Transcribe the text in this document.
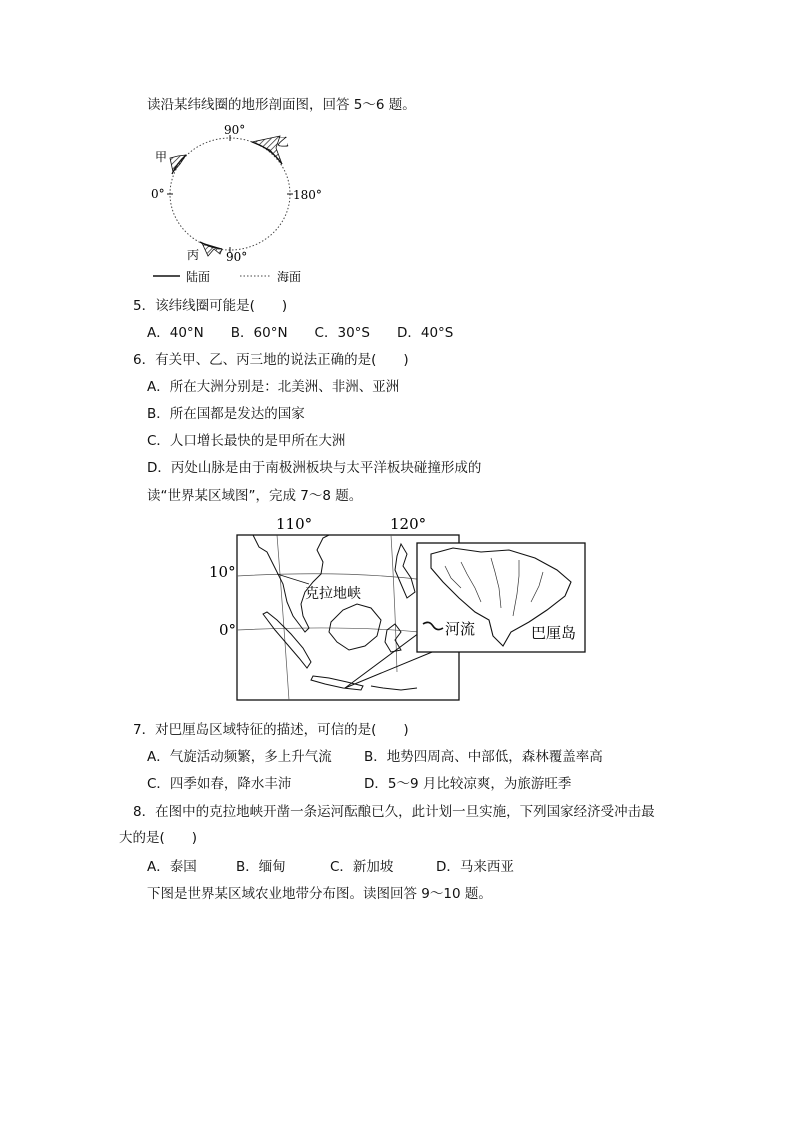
读沿某纬线圈的地形剖面图，回答 5～6 题。
90°
0°	180°
90°
甲
乙
丙
陆面	海面
5．该纬线圈可能是(　　)
A．40°N　　B．60°N　　C．30°S　　D．40°S
6．有关甲、乙、丙三地的说法正确的是(　　)
A．所在大洲分别是：北美洲、非洲、亚洲
B．所在国都是发达的国家
C．人口增长最快的是甲所在大洲
D．丙处山脉是由于南极洲板块与太平洋板块碰撞形成的
读“世界某区域图”，完成 7～8 题。
110°	120°
10°
0°
克拉地峡
河流	巴厘岛
7．对巴厘岛区域特征的描述，可信的是(　　)
A．气旋活动频繁，多上升气流 B．地势四周高、中部低，森林覆盖率高
C．四季如春，降水丰沛	D．5～9 月比较凉爽，为旅游旺季
8．在图中的克拉地峡开凿一条运河酝酿已久，此计划一旦实施，下列国家经济受冲击最
大的是(　　)
A．泰国	B．缅甸	C．新加坡	D．马来西亚
下图是世界某区域农业地带分布图。读图回答 9～10 题。
